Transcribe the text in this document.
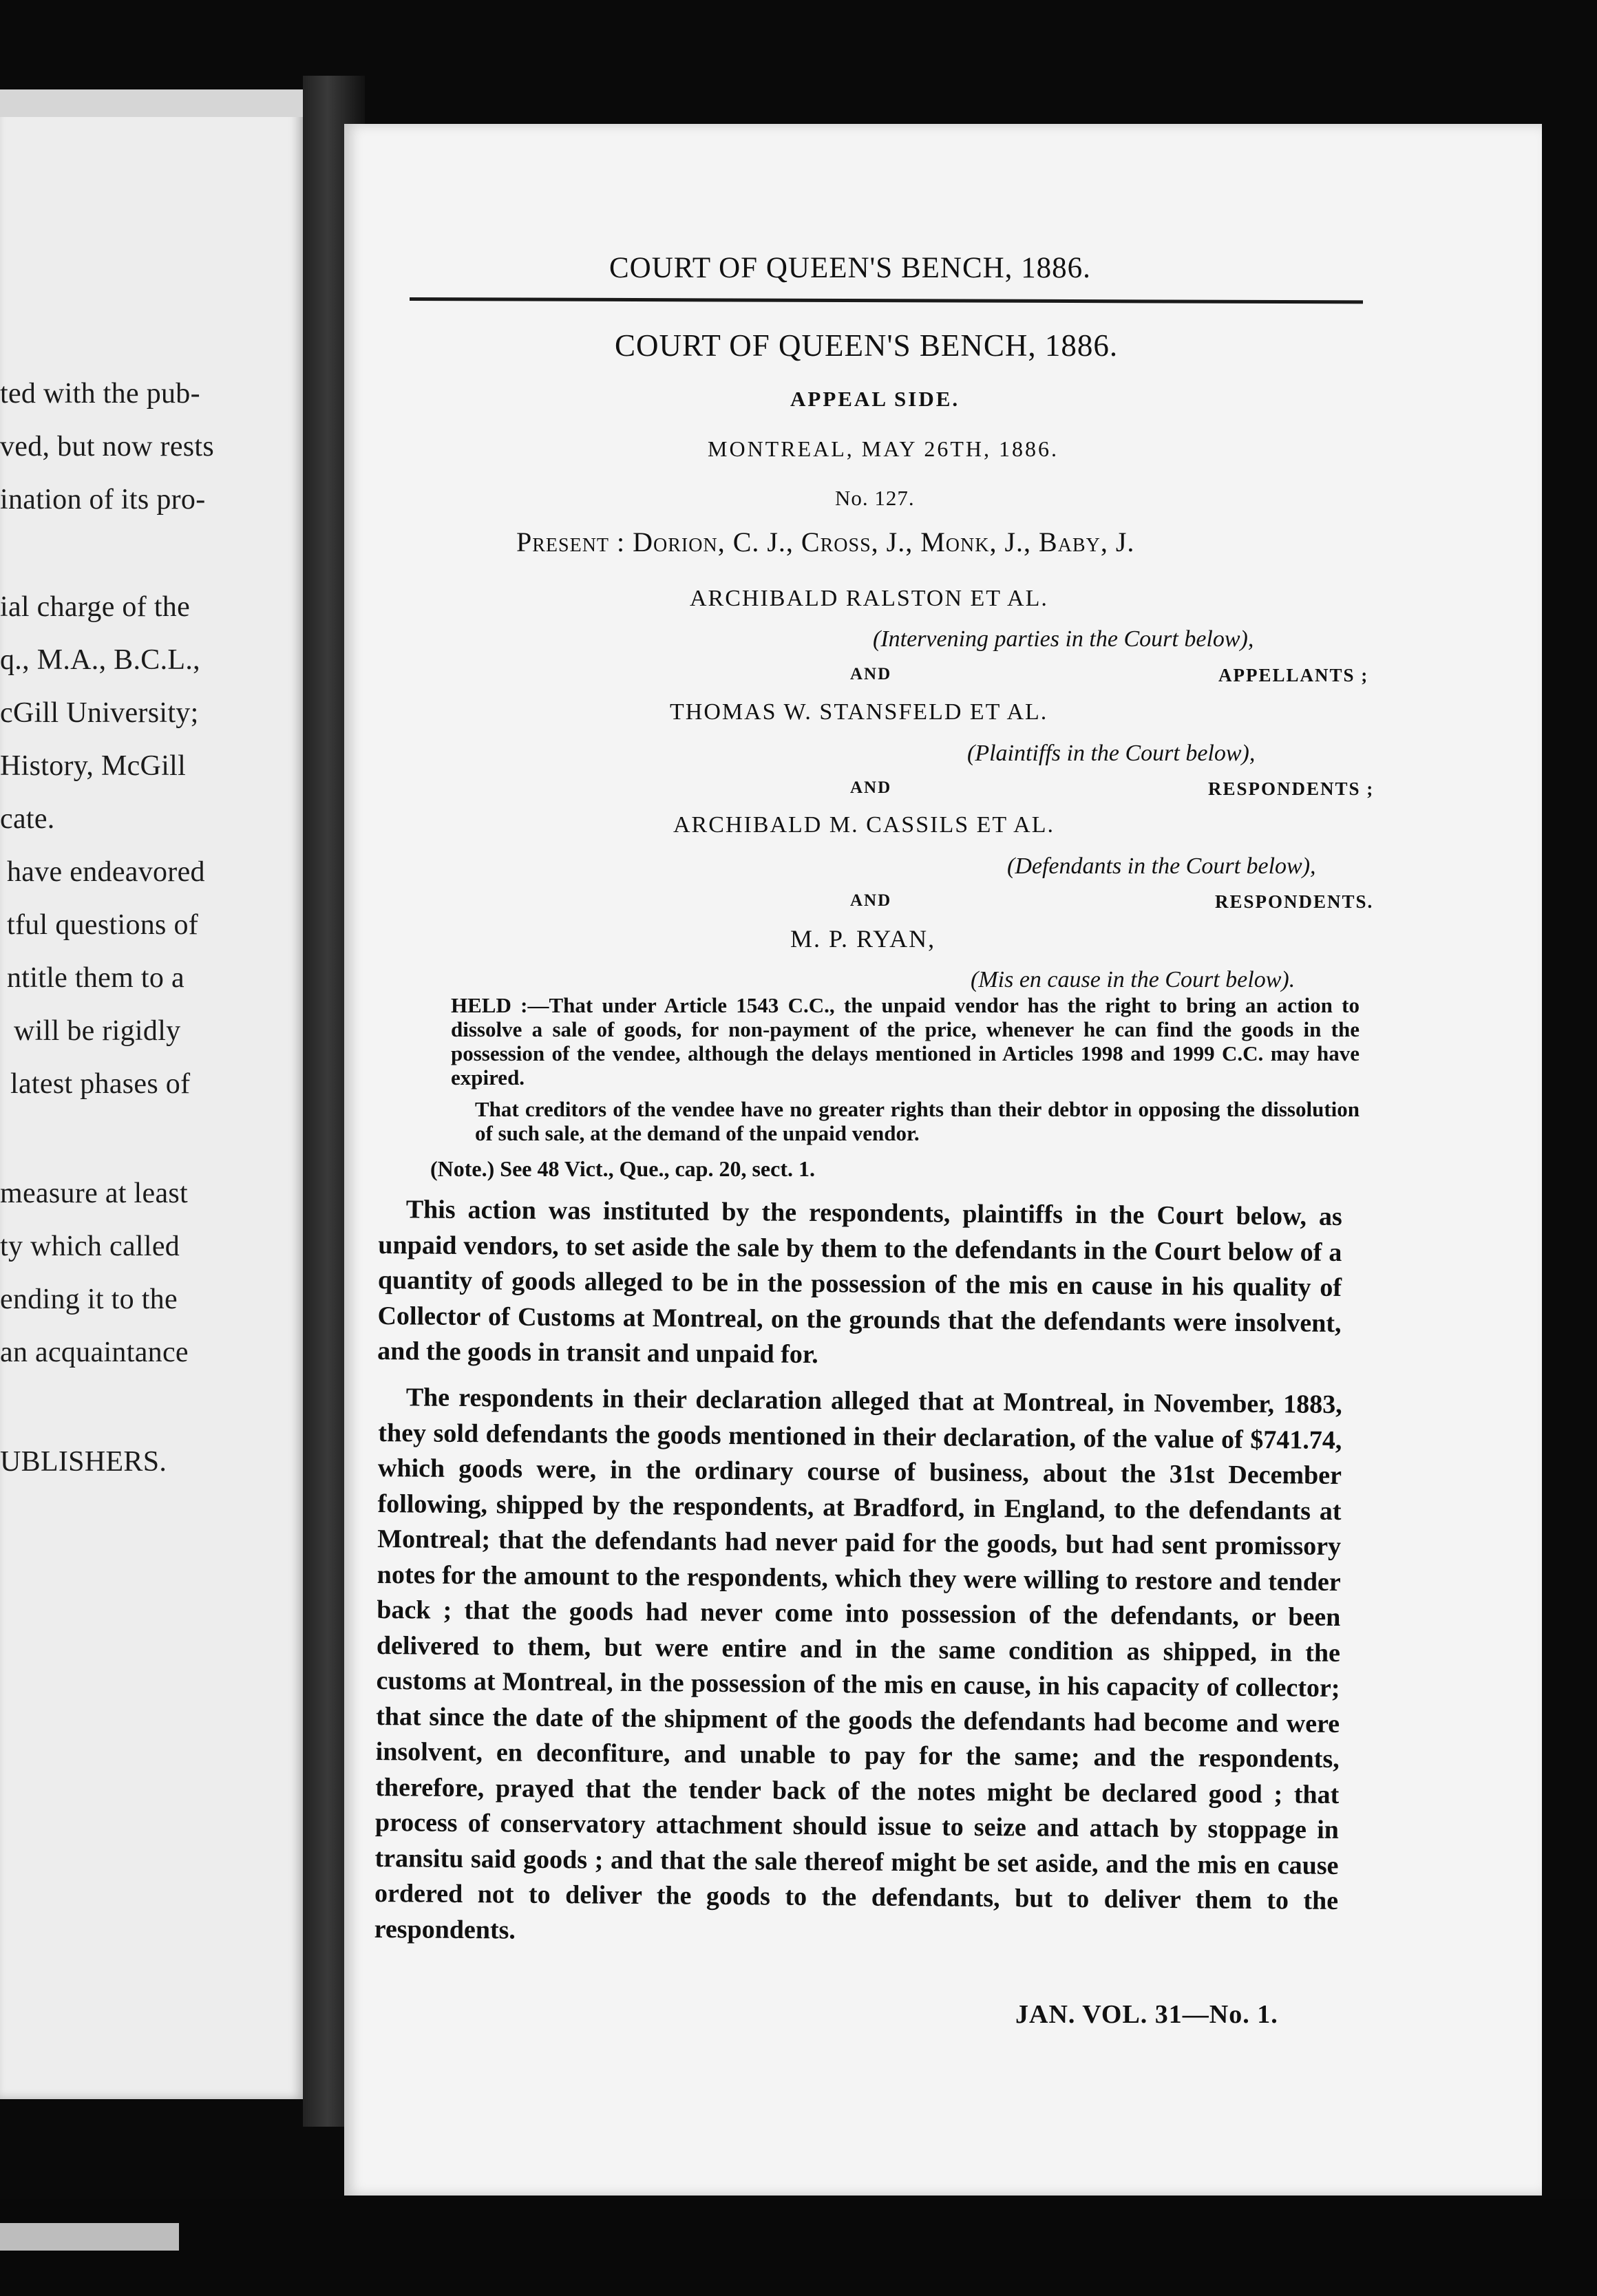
ted with the pub-
ved, but now rests
ination of its pro-
ial charge of the
q., M.A., B.C.L.,
cGill University;
History, McGill
cate.
have endeavored
tful questions of
ntitle them to a
will be rigidly
latest phases of
measure at least
ty which called
ending it to the
an acquaintance
UBLISHERS.
COURT OF QUEEN'S BENCH, 1886.
COURT OF QUEEN'S BENCH, 1886.
APPEAL SIDE.
MONTREAL, MAY 26TH, 1886.
No. 127.
Present : Dorion, C. J., Cross, J., Monk, J., Baby, J.
ARCHIBALD RALSTON ET AL.
(Intervening parties in the Court below),
AND	APPELLANTS ;
THOMAS W. STANSFELD ET AL.
(Plaintiffs in the Court below),
RESPONDENTS ;
AND
ARCHIBALD M. CASSILS ET AL.
(Defendants in the Court below),
AND	RESPONDENTS.
M. P. RYAN,
(Mis en cause in the Court below).
HELD :—That under Article 1543 C.C., the unpaid vendor has the right to bring an action to dissolve a sale of goods, for non-payment of the price, whenever he can find the goods in the possession of the vendee, although the delays mentioned in Articles 1998 and 1999 C.C. may have expired.
That creditors of the vendee have no greater rights than their debtor in opposing the dissolution of such sale, at the demand of the unpaid vendor.
(Note.) See 48 Vict., Que., cap. 20, sect. 1.
This action was instituted by the respondents, plaintiffs in the Court below, as unpaid vendors, to set aside the sale by them to the defendants in the Court below of a quantity of goods alleged to be in the possession of the mis en cause in his quality of Collector of Customs at Montreal, on the grounds that the defendants were insolvent, and the goods in transit and unpaid for.
The respondents in their declaration alleged that at Montreal, in November, 1883, they sold defendants the goods mentioned in their declaration, of the value of $741.74, which goods were, in the ordinary course of business, about the 31st December following, shipped by the respondents, at Bradford, in England, to the defendants at Montreal; that the defendants had never paid for the goods, but had sent promissory notes for the amount to the respondents, which they were willing to restore and tender back ; that the goods had never come into possession of the defendants, or been delivered to them, but were entire and in the same condition as shipped, in the customs at Montreal, in the possession of the mis en cause, in his capacity of collector; that since the date of the shipment of the goods the defendants had become and were insolvent, en deconfiture, and unable to pay for the same; and the respondents, therefore, prayed that the tender back of the notes might be declared good ; that process of conservatory attachment should issue to seize and attach by stoppage in transitu said goods ; and that the sale thereof might be set aside, and the mis en cause ordered not to deliver the goods to the defendants, but to deliver them to the respondents.
JAN. VOL. 31—No. 1.
